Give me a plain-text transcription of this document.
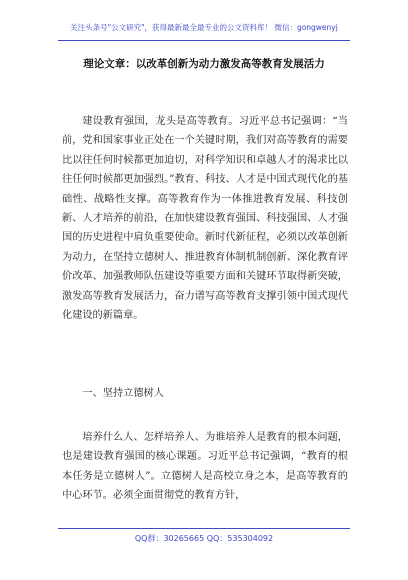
关注头条号"公文研究"，获得最新最全最专业的公文资料库！ 微信：gongwenyj
理论文章：以改革创新为动力激发高等教育发展活力

建设教育强国，龙头是高等教育。习近平总书记强调：“当前，党和国家事业正处在一个关键时期，我们对高等教育的需要比以往任何时候都更加迫切，对科学知识和卓越人才的渴求比以往任何时候都更加强烈。”教育、科技、人才是中国式现代化的基础性、战略性支撑。高等教育作为一体推进教育发展、科技创新、人才培养的前沿，在加快建设教育强国、科技强国、人才强国的历史进程中肩负重要使命。新时代新征程，必须以改革创新为动力，在坚持立德树人、推进教育体制机制创新、深化教育评价改革、加强教师队伍建设等重要方面和关键环节取得新突破，激发高等教育发展活力，奋力谱写高等教育支撑引领中国式现代化建设的新篇章。

一、坚持立德树人

培养什么人、怎样培养人、为谁培养人是教育的根本问题，也是建设教育强国的核心课题。习近平总书记强调，“教育的根本任务是立德树人”。立德树人是高校立身之本，是高等教育的中心环节。必须全面贯彻党的教育方针，

QQ群：30265665 QQ：535304092
